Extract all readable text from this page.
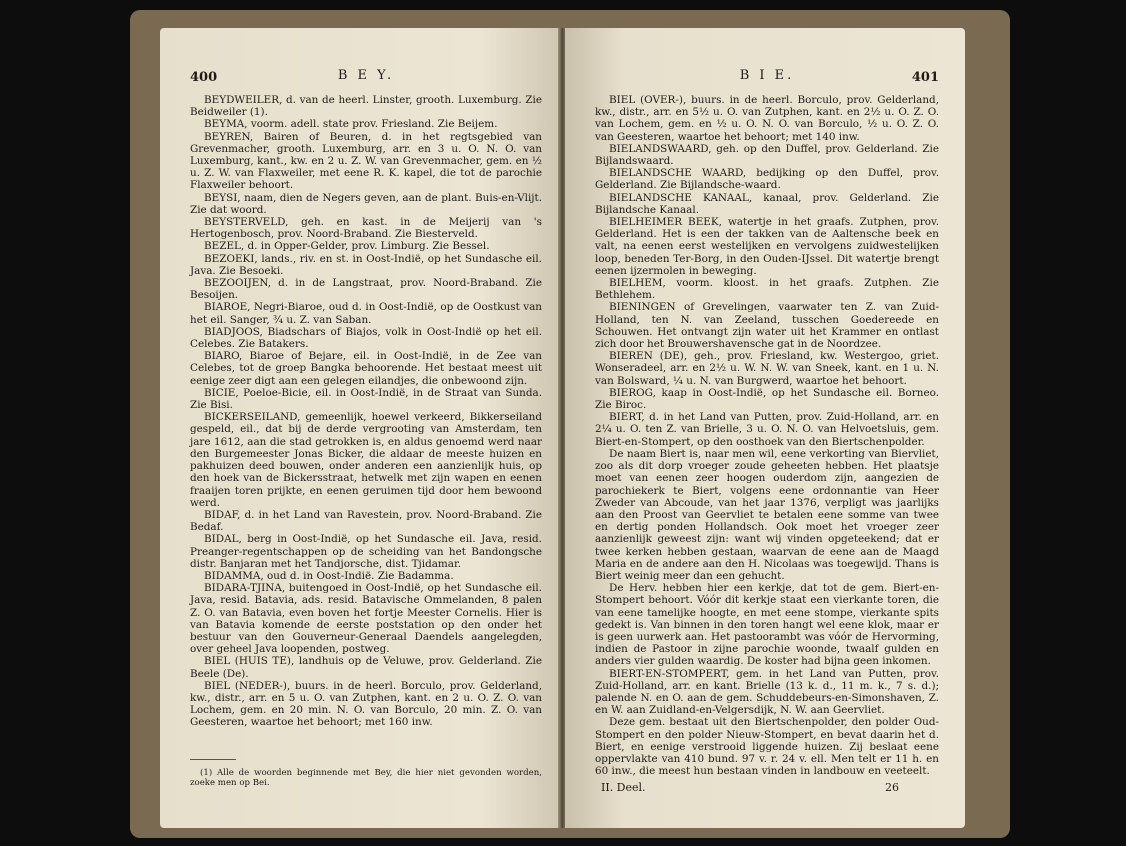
400	B E Y.

BEYDWEILER, d. van de heerl. Linster, grooth. Luxemburg. Zie Beidweiler (1).

BEYMA, voorm. adell. state prov. Friesland. Zie Beijem.

BEYREN, Bairen of Beuren, d. in het regtsgebied van Grevenmacher, grooth. Luxemburg, arr. en 3 u. O. N. O. van Luxemburg, kant., kw. en 2 u. Z. W. van Grevenmacher, gem. en ½ u. Z. W. van Flaxweiler, met eene R. K. kapel, die tot de parochie Flaxweiler behoort.

BEYSI, naam, dien de Negers geven, aan de plant. Buis-en-Vlijt. Zie dat woord.

BEYSTERVELD, geh. en kast. in de Meijerij van 's Hertogenbosch, prov. Noord-Braband. Zie Biesterveld.

BEZEL, d. in Opper-Gelder, prov. Limburg. Zie Bessel.

BEZOEKI, lands., riv. en st. in Oost-Indië, op het Sundasche eil. Java. Zie Besoeki.

BEZOOIJEN, d. in de Langstraat, prov. Noord-Braband. Zie Besoijen.

BIAROE, Negri-Biaroe, oud d. in Oost-Indië, op de Oostkust van het eil. Sanger, ¾ u. Z. van Saban.

BIADJOOS, Biadschars of Biajos, volk in Oost-Indië op het eil. Celebes. Zie Batakers.

BIARO, Biaroe of Bejare, eil. in Oost-Indië, in de Zee van Celebes, tot de groep Bangka behoorende. Het bestaat meest uit eenige zeer digt aan een gelegen eilandjes, die onbewoond zijn.

BICIE, Poeloe-Bicie, eil. in Oost-Indië, in de Straat van Sunda. Zie Bisi.

BICKERSEILAND, gemeenlijk, hoewel verkeerd, Bikkerseiland gespeld, eil., dat bij de derde vergrooting van Amsterdam, ten jare 1612, aan die stad getrokken is, en aldus genoemd werd naar den Burgemeester Jonas Bicker, die aldaar de meeste huizen en pakhuizen deed bouwen, onder anderen een aanzienlijk huis, op den hoek van de Bickersstraat, hetwelk met zijn wapen en eenen fraaijen toren prijkte, en eenen geruimen tijd door hem bewoond werd.

BIDAF, d. in het Land van Ravestein, prov. Noord-Braband. Zie Bedaf.

BIDAL, berg in Oost-Indië, op het Sundasche eil. Java, resid. Preanger-regentschappen op de scheiding van het Bandongsche distr. Banjaran met het Tandjorsche, dist. Tjidamar.

BIDAMMA, oud d. in Oost-Indië. Zie Badamma.

BIDARA-TJINA, buitengoed in Oost-Indië, op het Sundasche eil. Java, resid. Batavia, ads. resid. Batavische Ommelanden, 8 palen Z. O. van Batavia, even boven het fortje Meester Cornelis. Hier is van Batavia komende de eerste poststation op den onder het bestuur van den Gouverneur-Generaal Daendels aangelegden, over geheel Java loopenden, postweg.

BIEL (HUIS TE), landhuis op de Veluwe, prov. Gelderland. Zie Beele (De).

BIEL (NEDER-), buurs. in de heerl. Borculo, prov. Gelderland, kw., distr., arr. en 5 u. O. van Zutphen, kant. en 2 u. O. Z. O. van Lochem, gem. en 20 min. N. O. van Borculo, 20 min. Z. O. van Geesteren, waartoe het behoort; met 160 inw.

(1) Alle de woorden beginnende met Bey, die hier niet gevonden worden, zoeke men op Bei.

B I E.	401

BIEL (OVER-), buurs. in de heerl. Borculo, prov. Gelderland, kw., distr., arr. en 5½ u. O. van Zutphen, kant. en 2½ u. O. Z. O. van Lochem, gem. en ½ u. O. N. O. van Borculo, ½ u. O. Z. O. van Geesteren, waartoe het behoort; met 140 inw.

BIELANDSWAARD, geh. op den Duffel, prov. Gelderland. Zie Bijlandswaard.

BIELANDSCHE WAARD, bedijking op den Duffel, prov. Gelderland. Zie Bijlandsche-waard.

BIELANDSCHE KANAAL, kanaal, prov. Gelderland. Zie Bijlandsche Kanaal.

BIELHEIMER BEEK, watertje in het graafs. Zutphen, prov. Gelderland. Het is een der takken van de Aaltensche beek en valt, na eenen eerst westelijken en vervolgens zuidwestelijken loop, beneden Ter-Borg, in den Ouden-IJssel. Dit watertje brengt eenen ijzermolen in beweging.

BIELHEM, voorm. kloost. in het graafs. Zutphen. Zie Bethlehem.

BIENINGEN of Grevelingen, vaarwater ten Z. van Zuid-Holland, ten N. van Zeeland, tusschen Goedereede en Schouwen. Het ontvangt zijn water uit het Krammer en ontlast zich door het Brouwershavensche gat in de Noordzee.

BIEREN (DE), geh., prov. Friesland, kw. Westergoo, griet. Wonseradeel, arr. en 2½ u. W. N. W. van Sneek, kant. en 1 u. N. van Bolsward, ¼ u. N. van Burgwerd, waartoe het behoort.

BIEROG, kaap in Oost-Indië, op het Sundasche eil. Borneo. Zie Biroc.

BIERT, d. in het Land van Putten, prov. Zuid-Holland, arr. en 2¼ u. O. ten Z. van Brielle, 3 u. O. N. O. van Helvoetsluis, gem. Biert-en-Stompert, op den oosthoek van den Biertschenpolder.

De naam Biert is, naar men wil, eene verkorting van Biervliet, zoo als dit dorp vroeger zoude geheeten hebben. Het plaatsje moet van eenen zeer hoogen ouderdom zijn, aangezien de parochiekerk te Biert, volgens eene ordonnantie van Heer Zweder van Abcoude, van het jaar 1376, verpligt was jaarlijks aan den Proost van Geervliet te betalen eene somme van twee en dertig ponden Hollandsch. Ook moet het vroeger zeer aanzienlijk geweest zijn: want wij vinden opgeteekend; dat er twee kerken hebben gestaan, waarvan de eene aan de Maagd Maria en de andere aan den H. Nicolaas was toegewijd. Thans is Biert weinig meer dan een gehucht.

De Herv. hebben hier een kerkje, dat tot de gem. Biert-en-Stompert behoort. Vóór dit kerkje staat een vierkante toren, die van eene tamelijke hoogte, en met eene stompe, vierkante spits gedekt is. Van binnen in den toren hangt wel eene klok, maar er is geen uurwerk aan. Het pastoorambt was vóór de Hervorming, indien de Pastoor in zijne parochie woonde, twaalf gulden en anders vier gulden waardig. De koster had bijna geen inkomen.

BIERT-EN-STOMPERT, gem. in het Land van Putten, prov. Zuid-Holland, arr. en kant. Brielle (13 k. d., 11 m. k., 7 s. d.); palende N. en O. aan de gem. Schuddebeurs-en-Simonshaven, Z. en W. aan Zuidland-en-Velgersdijk, N. W. aan Geervliet.

Deze gem. bestaat uit den Biertschenpolder, den polder Oud-Stompert en den polder Nieuw-Stompert, en bevat daarin het d. Biert, en eenige verstrooid liggende huizen. Zij beslaat eene oppervlakte van 410 bund. 97 v. r. 24 v. ell. Men telt er 11 h. en 60 inw., die meest hun bestaan vinden in landbouw en veeteelt.

II. Deel.	26
